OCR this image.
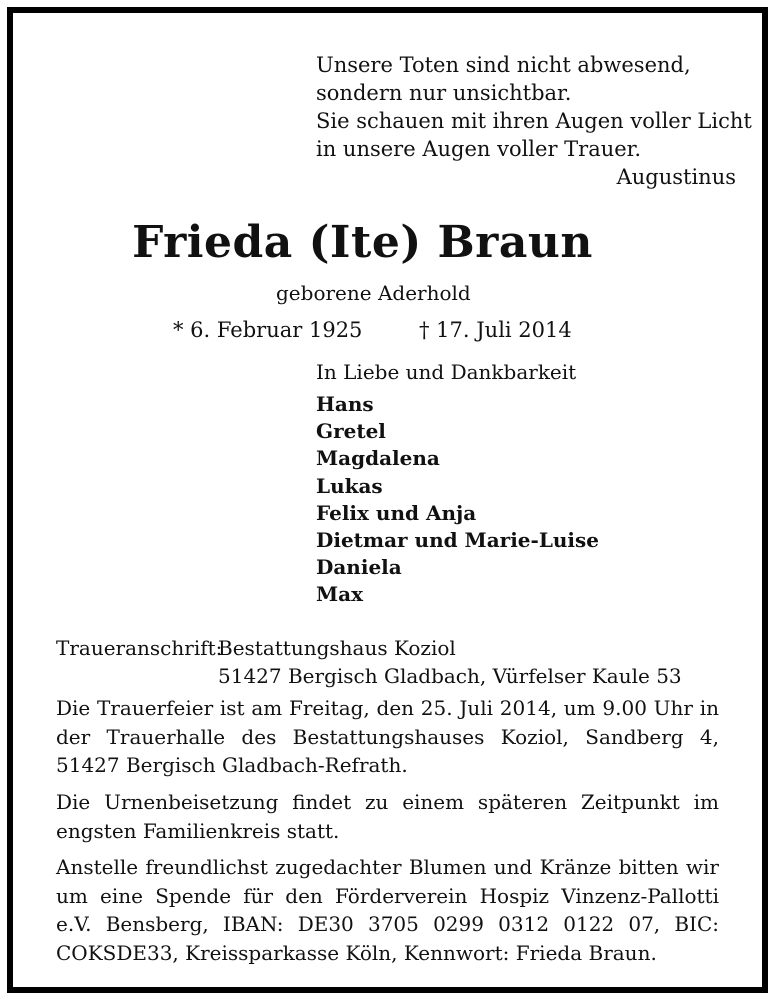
Unsere Toten sind nicht abwesend,

sondern nur unsichtbar.

Sie schauen mit ihren Augen voller Licht

in unsere Augen voller Trauer.

Augustinus
Frieda (Ite) Braun
geborene Aderhold
* 6. Februar 1925	† 17. Juli 2014
In Liebe und Dankbarkeit
Hans
Gretel
Magdalena
Lukas
Felix und Anja
Dietmar und Marie-Luise
Daniela
Max
Traueranschrift:
Bestattungshaus Koziol
51427 Bergisch Gladbach, Vürfelser Kaule 53

Die Trauerfeier ist am Freitag, den 25. Juli 2014, um 9.00 Uhr in der Trauerhalle des Bestattungshauses Koziol, Sandberg 4, 51427 Bergisch Gladbach-Refrath.

Die Urnenbeisetzung findet zu einem späteren Zeitpunkt im engsten Familienkreis statt.

Anstelle freundlichst zugedachter Blumen und Kränze bitten wir um eine Spende für den Förderverein Hospiz Vinzenz-Pallotti e.V. Bensberg, IBAN: DE30 3705 0299 0312 0122 07, BIC: COKSDE33, Kreissparkasse Köln, Kennwort: Frieda Braun.
